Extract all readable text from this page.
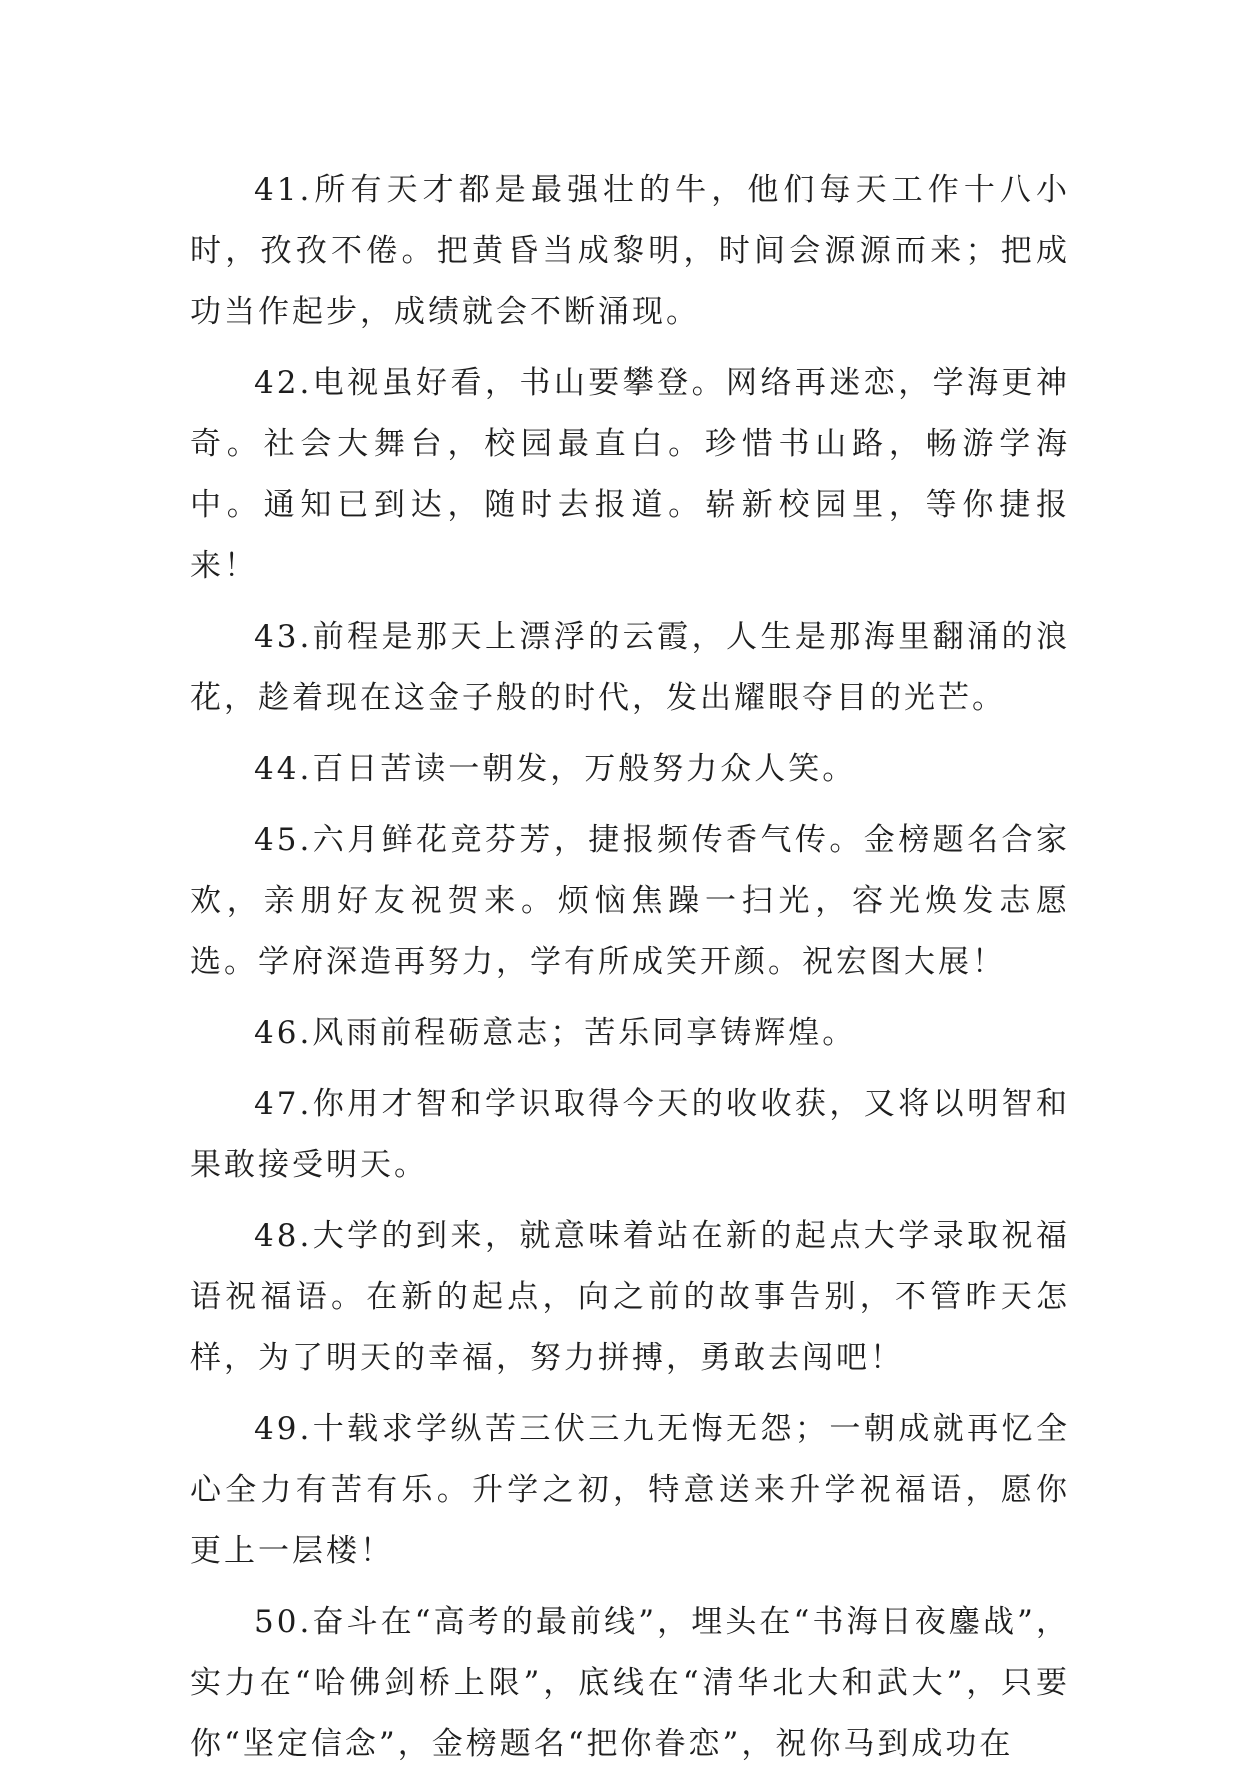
41.所有天才都是最强壮的牛，他们每天工作十八小时，孜孜不倦。把黄昏当成黎明，时间会源源而来；把成功当作起步，成绩就会不断涌现。

42.电视虽好看，书山要攀登。网络再迷恋，学海更神奇。社会大舞台，校园最直白。珍惜书山路，畅游学海中。通知已到达，随时去报道。崭新校园里，等你捷报来！

43.前程是那天上漂浮的云霞，人生是那海里翻涌的浪花，趁着现在这金子般的时代，发出耀眼夺目的光芒。

44.百日苦读一朝发，万般努力众人笑。

45.六月鲜花竞芬芳，捷报频传香气传。金榜题名合家欢，亲朋好友祝贺来。烦恼焦躁一扫光，容光焕发志愿选。学府深造再努力，学有所成笑开颜。祝宏图大展！

46.风雨前程砺意志；苦乐同享铸辉煌。

47.你用才智和学识取得今天的收收获，又将以明智和果敢接受明天。

48.大学的到来，就意味着站在新的起点大学录取祝福语祝福语。在新的起点，向之前的故事告别，不管昨天怎样，为了明天的幸福，努力拼搏，勇敢去闯吧！

49.十载求学纵苦三伏三九无悔无怨；一朝成就再忆全心全力有苦有乐。升学之初，特意送来升学祝福语，愿你更上一层楼！

50.奋斗在“高考的最前线”，埋头在“书海日夜鏖战”，实力在“哈佛剑桥上限”，底线在“清华北大和武大”，只要你“坚定信念”，金榜题名“把你眷恋”，祝你马到成功在
